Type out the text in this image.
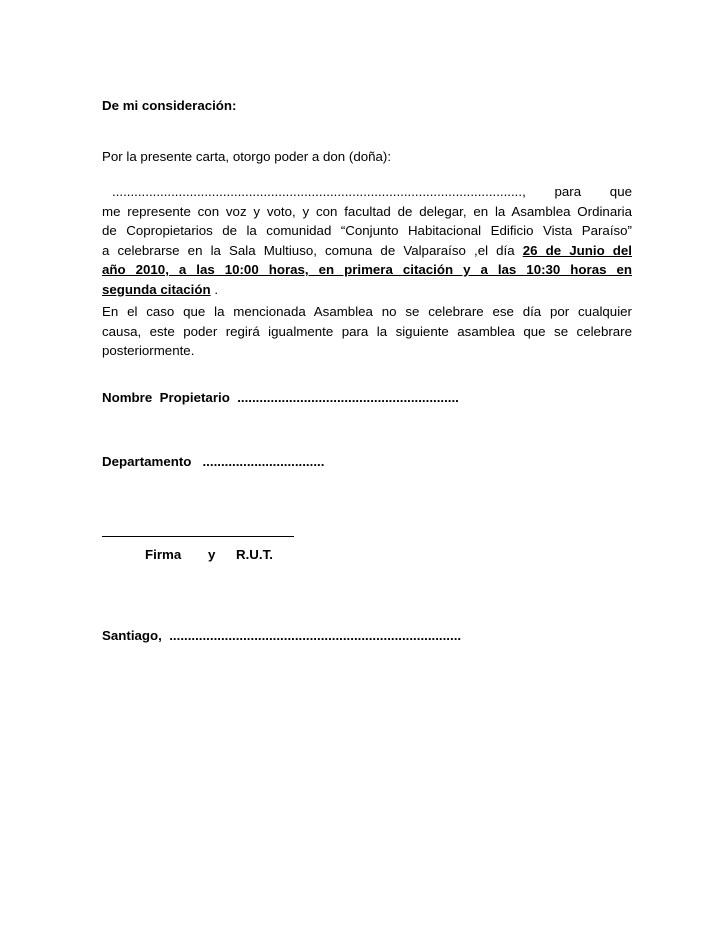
De mi consideración:
Por la presente carta, otorgo poder a don (doña):
..............................................................................................................., para que
me represente con voz y voto, y con facultad de delegar, en la Asamblea Ordinaria
de Copropietarios de la comunidad “Conjunto Habitacional Edificio Vista Paraíso”
a celebrarse en la Sala Multiuso, comuna de Valparaíso ,el día 26 de Junio del
año 2010, a las 10:00 horas, en primera citación y a las 10:30 horas en
segunda citación .
En el caso que la mencionada Asamblea no se celebrare ese día por cualquier
causa, este poder regirá igualmente para la siguiente asamblea que se celebrare
posteriormente.
Nombre  Propietario  ............................................................
Departamento   .................................
Firma y R.U.T.
Santiago,  ...............................................................................
